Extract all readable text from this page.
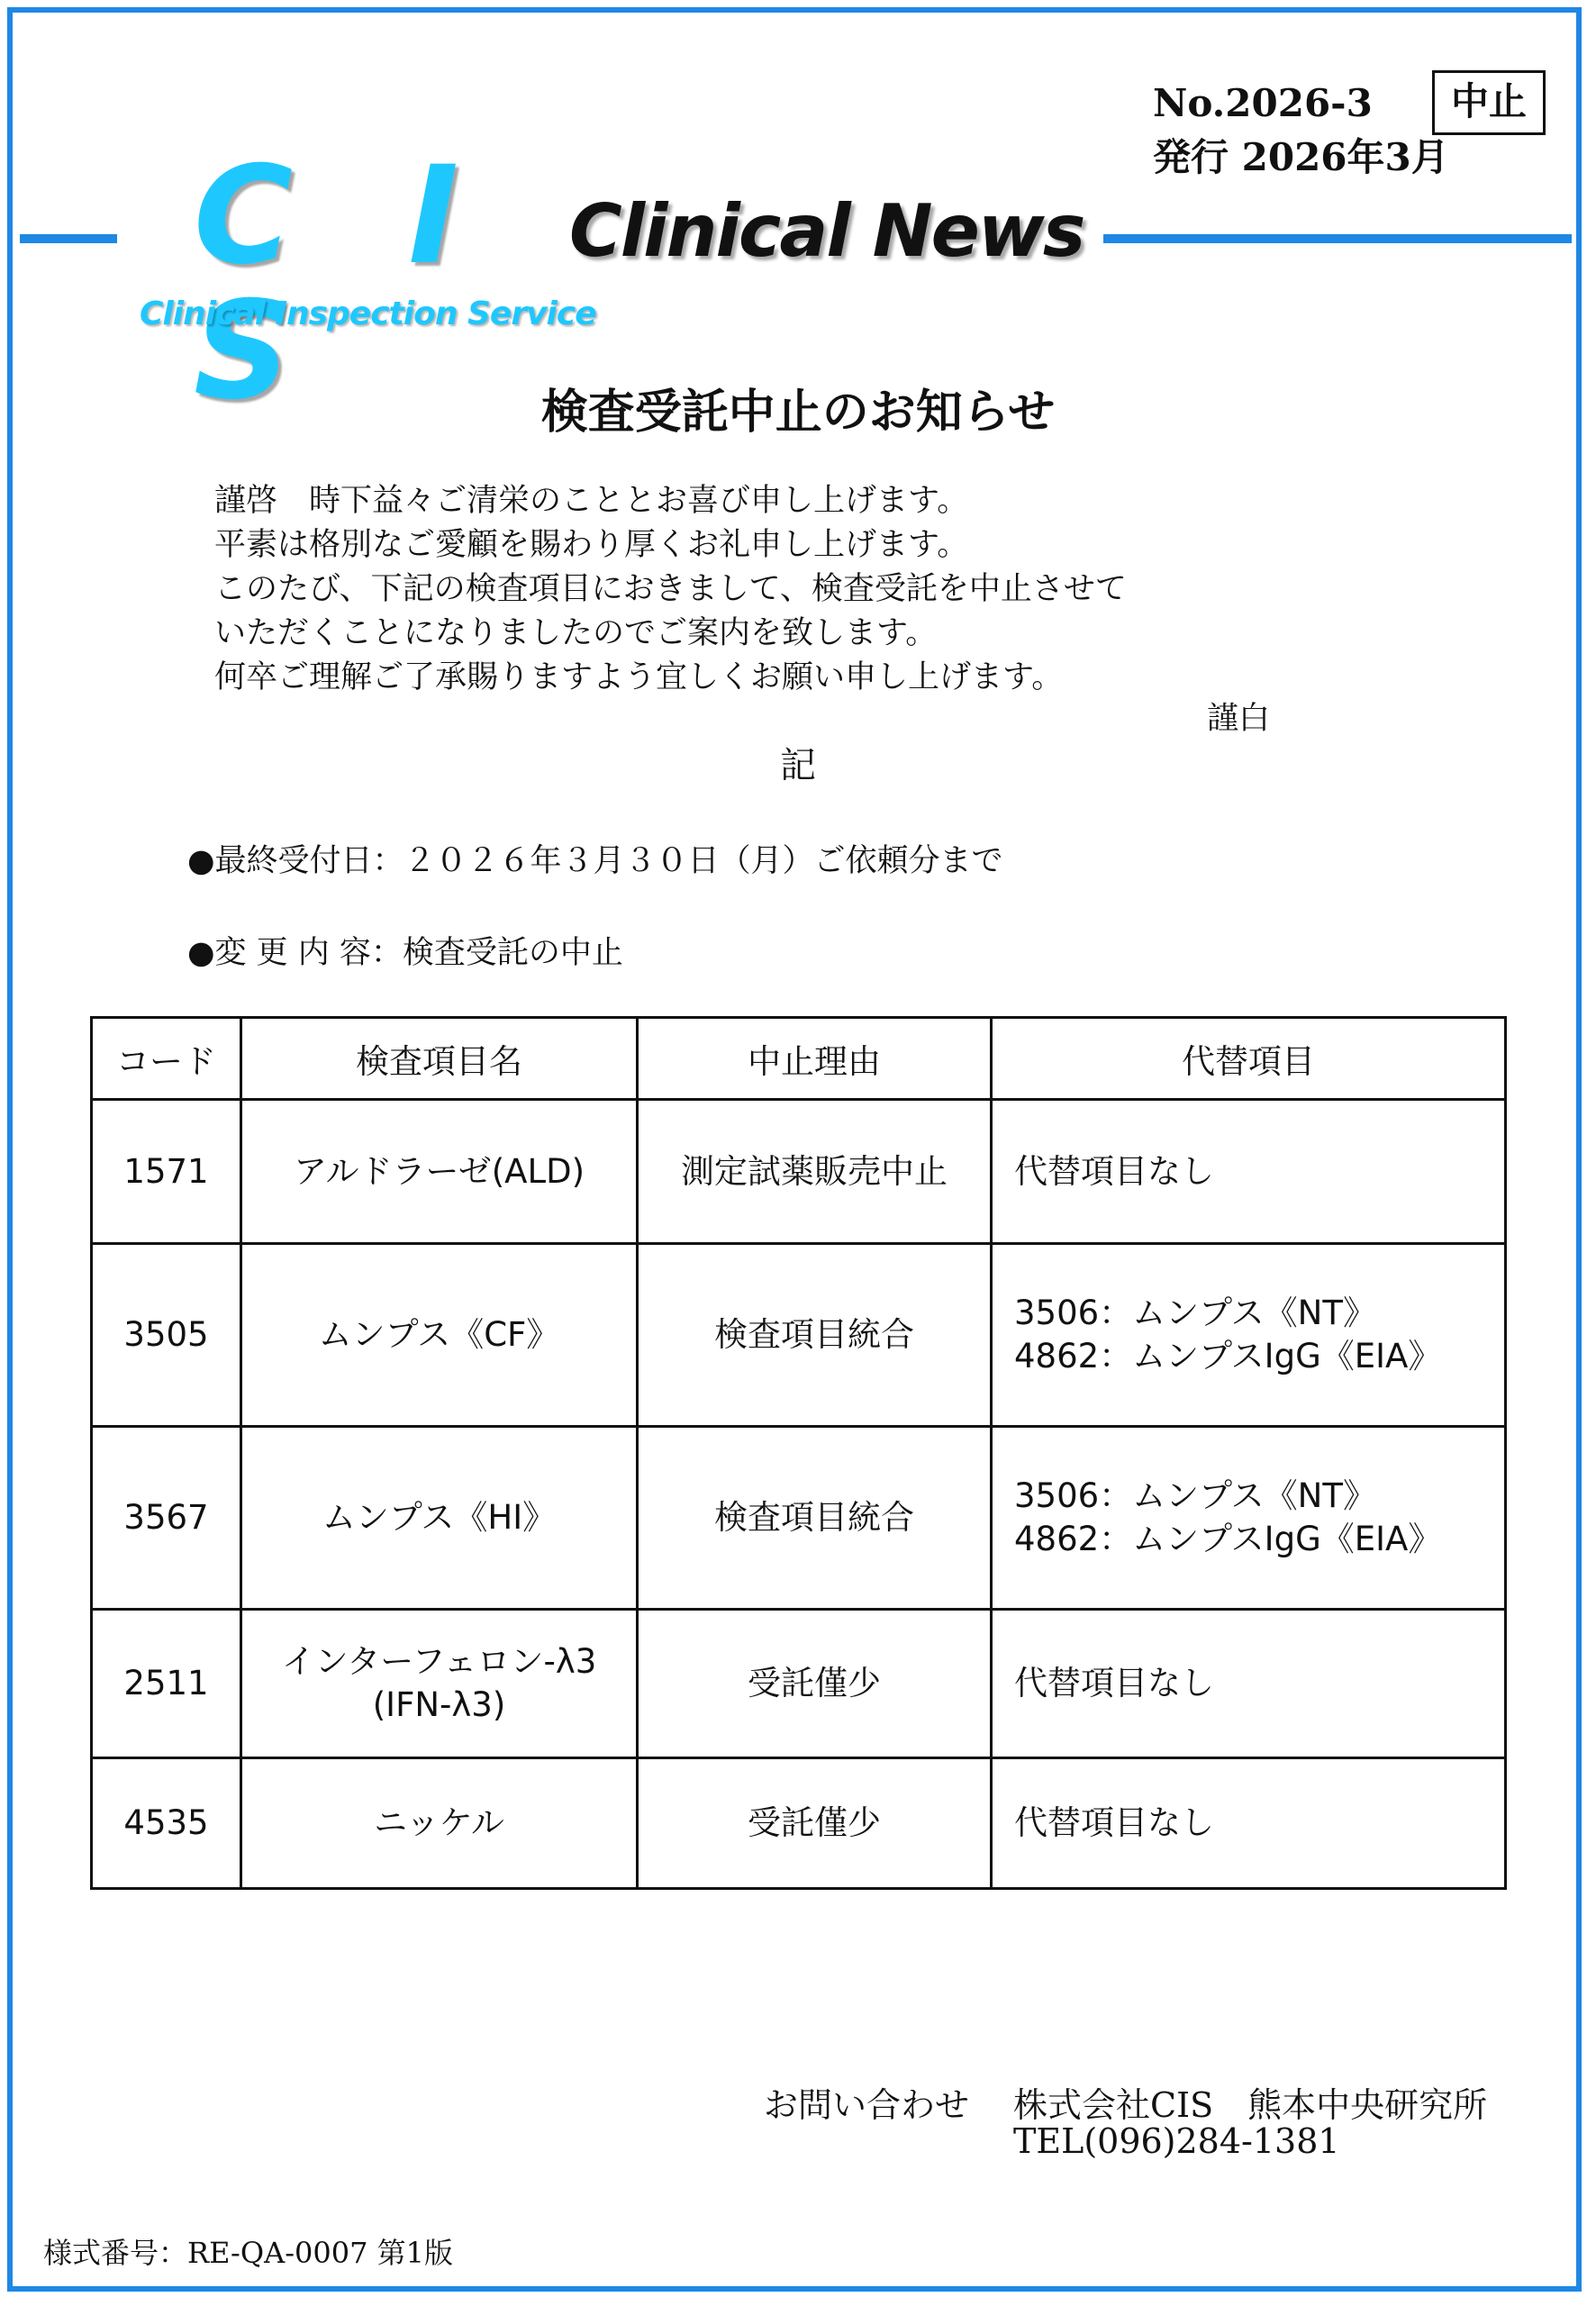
C I S
Clinical Inspection Service
Clinical News
No.2026-3
発行 2026年3月
中止
検査受託中止のお知らせ
謹啓　時下益々ご清栄のこととお喜び申し上げます。
平素は格別なご愛顧を賜わり厚くお礼申し上げます。
このたび、下記の検査項目におきまして、検査受託を中止させて
いただくことになりましたのでご案内を致します。
何卒ご理解ご了承賜りますよう宜しくお願い申し上げます。
謹白
記
●最終受付日：２０２６年３月３０日（月）ご依頼分まで
●変 更 内 容：検査受託の中止
コード	検査項目名	中止理由	代替項目
1571	アルドラーゼ(ALD)	測定試薬販売中止	代替項目なし

3505	ムンプス《CF》	検査項目統合	3506：ムンプス《NT》
4862：ムンプスIgG《EIA》

3567	ムンプス《HI》	検査項目統合	3506：ムンプス《NT》
4862：ムンプスIgG《EIA》

2511	インターフェロン-λ3
(IFN-λ3)	受託僅少	代替項目なし

4535	ニッケル	受託僅少	代替項目なし
お問い合わせ 株式会社CIS　熊本中央研究所
TEL(096)284-1381
様式番号：RE-QA-0007 第1版
